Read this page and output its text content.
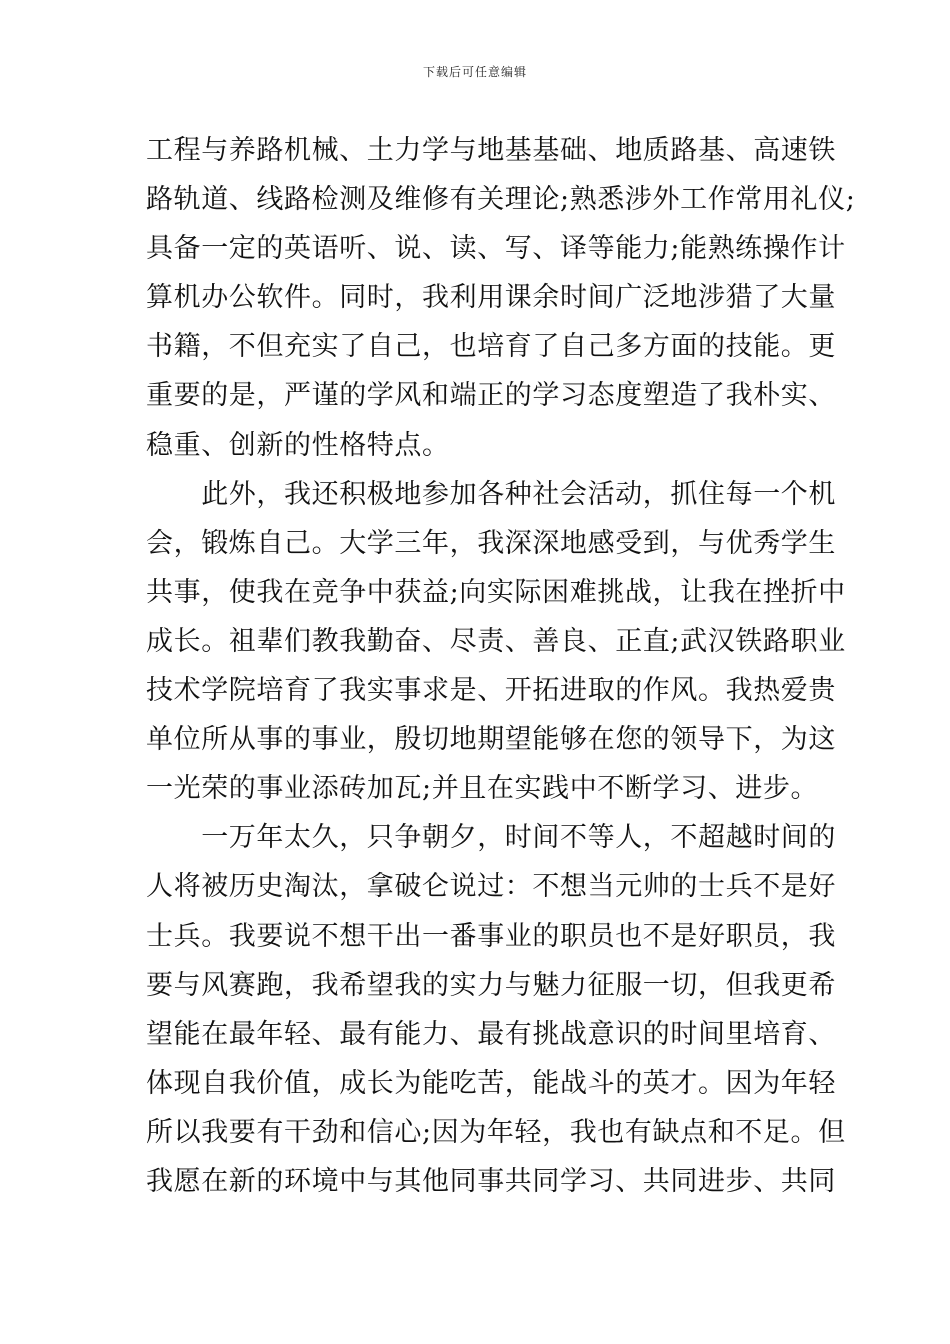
下载后可任意编辑
工程与养路机械、土力学与地基基础、地质路基、高速铁
路轨道、线路检测及维修有关理论;熟悉涉外工作常用礼仪;
具备一定的英语听、说、读、写、译等能力;能熟练操作计
算机办公软件。同时，我利用课余时间广泛地涉猎了大量
书籍，不但充实了自己，也培育了自己多方面的技能。更
重要的是，严谨的学风和端正的学习态度塑造了我朴实、
稳重、创新的性格特点。
　　此外，我还积极地参加各种社会活动，抓住每一个机
会，锻炼自己。大学三年，我深深地感受到，与优秀学生
共事，使我在竞争中获益;向实际困难挑战，让我在挫折中
成长。祖辈们教我勤奋、尽责、善良、正直;武汉铁路职业
技术学院培育了我实事求是、开拓进取的作风。我热爱贵
单位所从事的事业，殷切地期望能够在您的领导下，为这
一光荣的事业添砖加瓦;并且在实践中不断学习、进步。
　　一万年太久，只争朝夕，时间不等人，不超越时间的
人将被历史淘汰，拿破仑说过：不想当元帅的士兵不是好
士兵。我要说不想干出一番事业的职员也不是好职员，我
要与风赛跑，我希望我的实力与魅力征服一切，但我更希
望能在最年轻、最有能力、最有挑战意识的时间里培育、
体现自我价值，成长为能吃苦，能战斗的英才。因为年轻
所以我要有干劲和信心;因为年轻，我也有缺点和不足。但
我愿在新的环境中与其他同事共同学习、共同进步、共同
